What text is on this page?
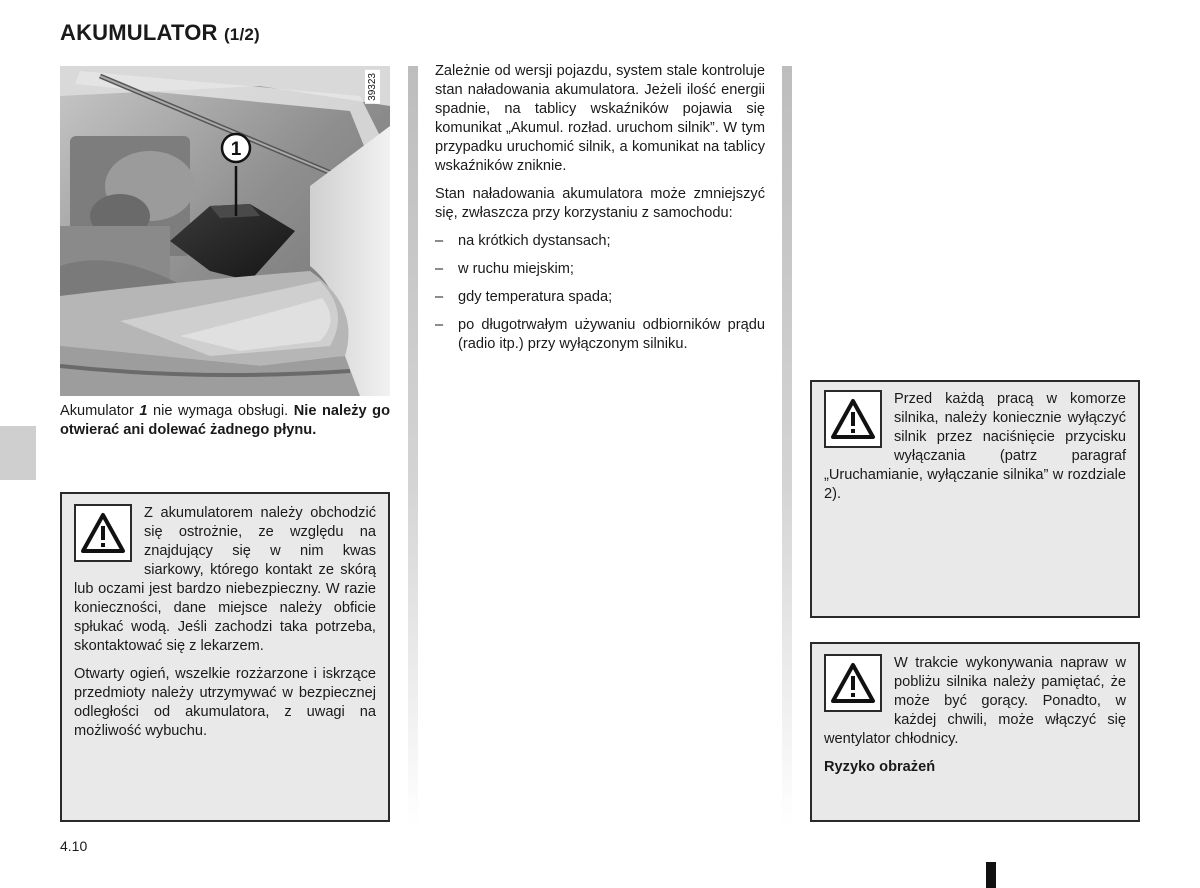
AKUMULATOR (1/2)
1
39323
Akumulator 1 nie wymaga obsługi. Nie należy go otwierać ani dolewać żadnego płynu.

Z akumulatorem należy obchodzić się ostrożnie, ze względu na znajdujący się w nim kwas siarkowy, którego kontakt ze skórą lub oczami jest bardzo niebezpieczny. W razie konieczności, dane miejsce należy obficie spłukać wodą. Jeśli zachodzi taka potrzeba, skontaktować się z lekarzem.

Otwarty ogień, wszelkie rozżarzone i iskrzące przedmioty należy utrzymywać w bezpiecznej odległości od akumulatora, z uwagi na możliwość wybuchu.

Zależnie od wersji pojazdu, system stale kontroluje stan naładowania akumulatora. Jeżeli ilość energii spadnie, na tablicy wskaźników pojawia się komunikat „Akumul. rozład. uruchom silnik”. W tym przypadku uruchomić silnik, a komunikat na tablicy wskaźników zniknie.

Stan naładowania akumulatora może zmniejszyć się, zwłaszcza przy korzystaniu z samochodu:

–	na krótkich dystansach;
–	w ruchu miejskim;
–	gdy temperatura spada;
–	po długotrwałym używaniu odbiorników prądu (radio itp.) przy wyłączonym silniku.

Przed każdą pracą w komorze silnika, należy koniecznie wyłączyć silnik przez naciśnięcie przycisku wyłączania (patrz paragraf „Uruchamianie, wyłączanie silnika” w rozdziale 2).

W trakcie wykonywania napraw w pobliżu silnika należy pamiętać, że może być gorący. Ponadto, w każdej chwili, może włączyć się wentylator chłodnicy.

Ryzyko obrażeń

4.10
